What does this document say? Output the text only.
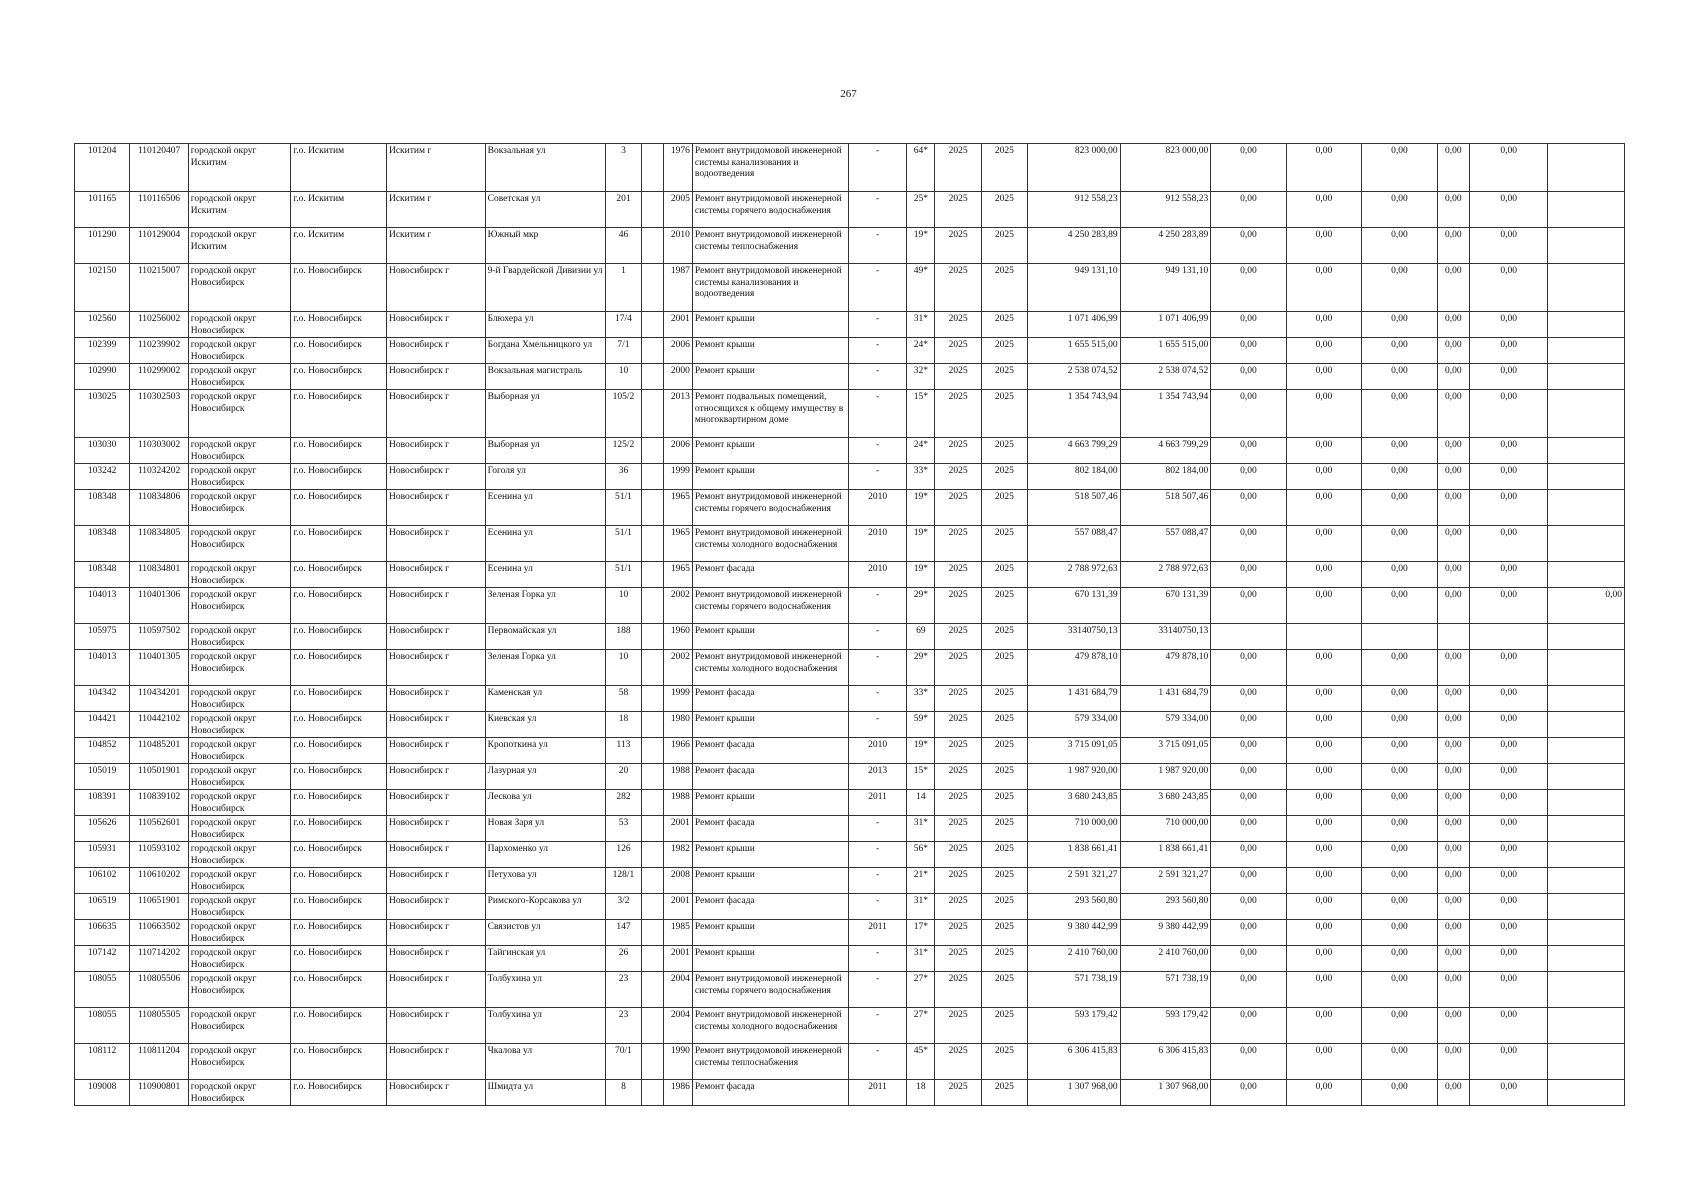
267
101204	110120407	городской округ Искитим	г.о. Искитим	Искитим г	Вокзальная ул	3		1976	Ремонт внутридомовой инженерной системы канализования и водоотведения	-	64*	2025	2025	823 000,00	823 000,00	0,00	0,00	0,00	0,00	0,00	
101165	110116506	городской округ Искитим	г.о. Искитим	Искитим г	Советская ул	201		2005	Ремонт внутридомовой инженерной системы горячего водоснабжения	-	25*	2025	2025	912 558,23	912 558,23	0,00	0,00	0,00	0,00	0,00	
101290	110129004	городской округ Искитим	г.о. Искитим	Искитим г	Южный мкр	46		2010	Ремонт внутридомовой инженерной системы теплоснабжения	-	19*	2025	2025	4 250 283,89	4 250 283,89	0,00	0,00	0,00	0,00	0,00	
102150	110215007	городской округ Новосибирск	г.о. Новосибирск	Новосибирск г	9-й Гвардейской Дивизии ул	1		1987	Ремонт внутридомовой инженерной системы канализования и водоотведения	-	49*	2025	2025	949 131,10	949 131,10	0,00	0,00	0,00	0,00	0,00	
102560	110256002	городской округ Новосибирск	г.о. Новосибирск	Новосибирск г	Блюхера ул	17/4		2001	Ремонт крыши	-	31*	2025	2025	1 071 406,99	1 071 406,99	0,00	0,00	0,00	0,00	0,00	
102399	110239902	городской округ Новосибирск	г.о. Новосибирск	Новосибирск г	Богдана Хмельницкого ул	7/1		2006	Ремонт крыши	-	24*	2025	2025	1 655 515,00	1 655 515,00	0,00	0,00	0,00	0,00	0,00	
102990	110299002	городской округ Новосибирск	г.о. Новосибирск	Новосибирск г	Вокзальная магистраль	10		2000	Ремонт крыши	-	32*	2025	2025	2 538 074,52	2 538 074,52	0,00	0,00	0,00	0,00	0,00	
103025	110302503	городской округ Новосибирск	г.о. Новосибирск	Новосибирск г	Выборная ул	105/2		2013	Ремонт подвальных помещений, относящихся к общему имуществу в многоквартирном доме	-	15*	2025	2025	1 354 743,94	1 354 743,94	0,00	0,00	0,00	0,00	0,00	
103030	110303002	городской округ Новосибирск	г.о. Новосибирск	Новосибирск г	Выборная ул	125/2		2006	Ремонт крыши	-	24*	2025	2025	4 663 799,29	4 663 799,29	0,00	0,00	0,00	0,00	0,00	
103242	110324202	городской округ Новосибирск	г.о. Новосибирск	Новосибирск г	Гоголя ул	36		1999	Ремонт крыши	-	33*	2025	2025	802 184,00	802 184,00	0,00	0,00	0,00	0,00	0,00	
108348	110834806	городской округ Новосибирск	г.о. Новосибирск	Новосибирск г	Есенина ул	51/1		1965	Ремонт внутридомовой инженерной системы горячего водоснабжения	2010	19*	2025	2025	518 507,46	518 507,46	0,00	0,00	0,00	0,00	0,00	
108348	110834805	городской округ Новосибирск	г.о. Новосибирск	Новосибирск г	Есенина ул	51/1		1965	Ремонт внутридомовой инженерной системы холодного водоснабжения	2010	19*	2025	2025	557 088,47	557 088,47	0,00	0,00	0,00	0,00	0,00	
108348	110834801	городской округ Новосибирск	г.о. Новосибирск	Новосибирск г	Есенина ул	51/1		1965	Ремонт фасада	2010	19*	2025	2025	2 788 972,63	2 788 972,63	0,00	0,00	0,00	0,00	0,00	
104013	110401306	городской округ Новосибирск	г.о. Новосибирск	Новосибирск г	Зеленая Горка ул	10		2002	Ремонт внутридомовой инженерной системы горячего водоснабжения	-	29*	2025	2025	670 131,39	670 131,39	0,00	0,00	0,00	0,00	0,00	0,00
105975	110597502	городской округ Новосибирск	г.о. Новосибирск	Новосибирск г	Первомайская ул	188		1960	Ремонт крыши	-	69	2025	2025	33140750,13	33140750,13						
104013	110401305	городской округ Новосибирск	г.о. Новосибирск	Новосибирск г	Зеленая Горка ул	10		2002	Ремонт внутридомовой инженерной системы холодного водоснабжения	-	29*	2025	2025	479 878,10	479 878,10	0,00	0,00	0,00	0,00	0,00	
104342	110434201	городской округ Новосибирск	г.о. Новосибирск	Новосибирск г	Каменская ул	58		1999	Ремонт фасада	-	33*	2025	2025	1 431 684,79	1 431 684,79	0,00	0,00	0,00	0,00	0,00	
104421	110442102	городской округ Новосибирск	г.о. Новосибирск	Новосибирск г	Киевская ул	18		1980	Ремонт крыши	-	59*	2025	2025	579 334,00	579 334,00	0,00	0,00	0,00	0,00	0,00	
104852	110485201	городской округ Новосибирск	г.о. Новосибирск	Новосибирск г	Кропоткина ул	113		1966	Ремонт фасада	2010	19*	2025	2025	3 715 091,05	3 715 091,05	0,00	0,00	0,00	0,00	0,00	
105019	110501901	городской округ Новосибирск	г.о. Новосибирск	Новосибирск г	Лазурная ул	20		1988	Ремонт фасада	2013	15*	2025	2025	1 987 920,00	1 987 920,00	0,00	0,00	0,00	0,00	0,00	
108391	110839102	городской округ Новосибирск	г.о. Новосибирск	Новосибирск г	Лескова ул	282		1988	Ремонт крыши	2011	14	2025	2025	3 680 243,85	3 680 243,85	0,00	0,00	0,00	0,00	0,00	
105626	110562601	городской округ Новосибирск	г.о. Новосибирск	Новосибирск г	Новая Заря ул	53		2001	Ремонт фасада	-	31*	2025	2025	710 000,00	710 000,00	0,00	0,00	0,00	0,00	0,00	
105931	110593102	городской округ Новосибирск	г.о. Новосибирск	Новосибирск г	Пархоменко ул	126		1982	Ремонт крыши	-	56*	2025	2025	1 838 661,41	1 838 661,41	0,00	0,00	0,00	0,00	0,00	
106102	110610202	городской округ Новосибирск	г.о. Новосибирск	Новосибирск г	Петухова ул	128/1		2008	Ремонт крыши	-	21*	2025	2025	2 591 321,27	2 591 321,27	0,00	0,00	0,00	0,00	0,00	
106519	110651901	городской округ Новосибирск	г.о. Новосибирск	Новосибирск г	Римского-Корсакова ул	3/2		2001	Ремонт фасада	-	31*	2025	2025	293 560,80	293 560,80	0,00	0,00	0,00	0,00	0,00	
106635	110663502	городской округ Новосибирск	г.о. Новосибирск	Новосибирск г	Связистов ул	147		1985	Ремонт крыши	2011	17*	2025	2025	9 380 442,99	9 380 442,99	0,00	0,00	0,00	0,00	0,00	
107142	110714202	городской округ Новосибирск	г.о. Новосибирск	Новосибирск г	Тайгинская ул	26		2001	Ремонт крыши	-	31*	2025	2025	2 410 760,00	2 410 760,00	0,00	0,00	0,00	0,00	0,00	
108055	110805506	городской округ Новосибирск	г.о. Новосибирск	Новосибирск г	Толбухина ул	23		2004	Ремонт внутридомовой инженерной системы горячего водоснабжения	-	27*	2025	2025	571 738,19	571 738,19	0,00	0,00	0,00	0,00	0,00	
108055	110805505	городской округ Новосибирск	г.о. Новосибирск	Новосибирск г	Толбухина ул	23		2004	Ремонт внутридомовой инженерной системы холодного водоснабжения	-	27*	2025	2025	593 179,42	593 179,42	0,00	0,00	0,00	0,00	0,00	
108112	110811204	городской округ Новосибирск	г.о. Новосибирск	Новосибирск г	Чкалова ул	70/1		1990	Ремонт внутридомовой инженерной системы теплоснабжения	-	45*	2025	2025	6 306 415,83	6 306 415,83	0,00	0,00	0,00	0,00	0,00	
109008	110900801	городской округ Новосибирск	г.о. Новосибирск	Новосибирск г	Шмидта ул	8		1986	Ремонт фасада	2011	18	2025	2025	1 307 968,00	1 307 968,00	0,00	0,00	0,00	0,00	0,00	
